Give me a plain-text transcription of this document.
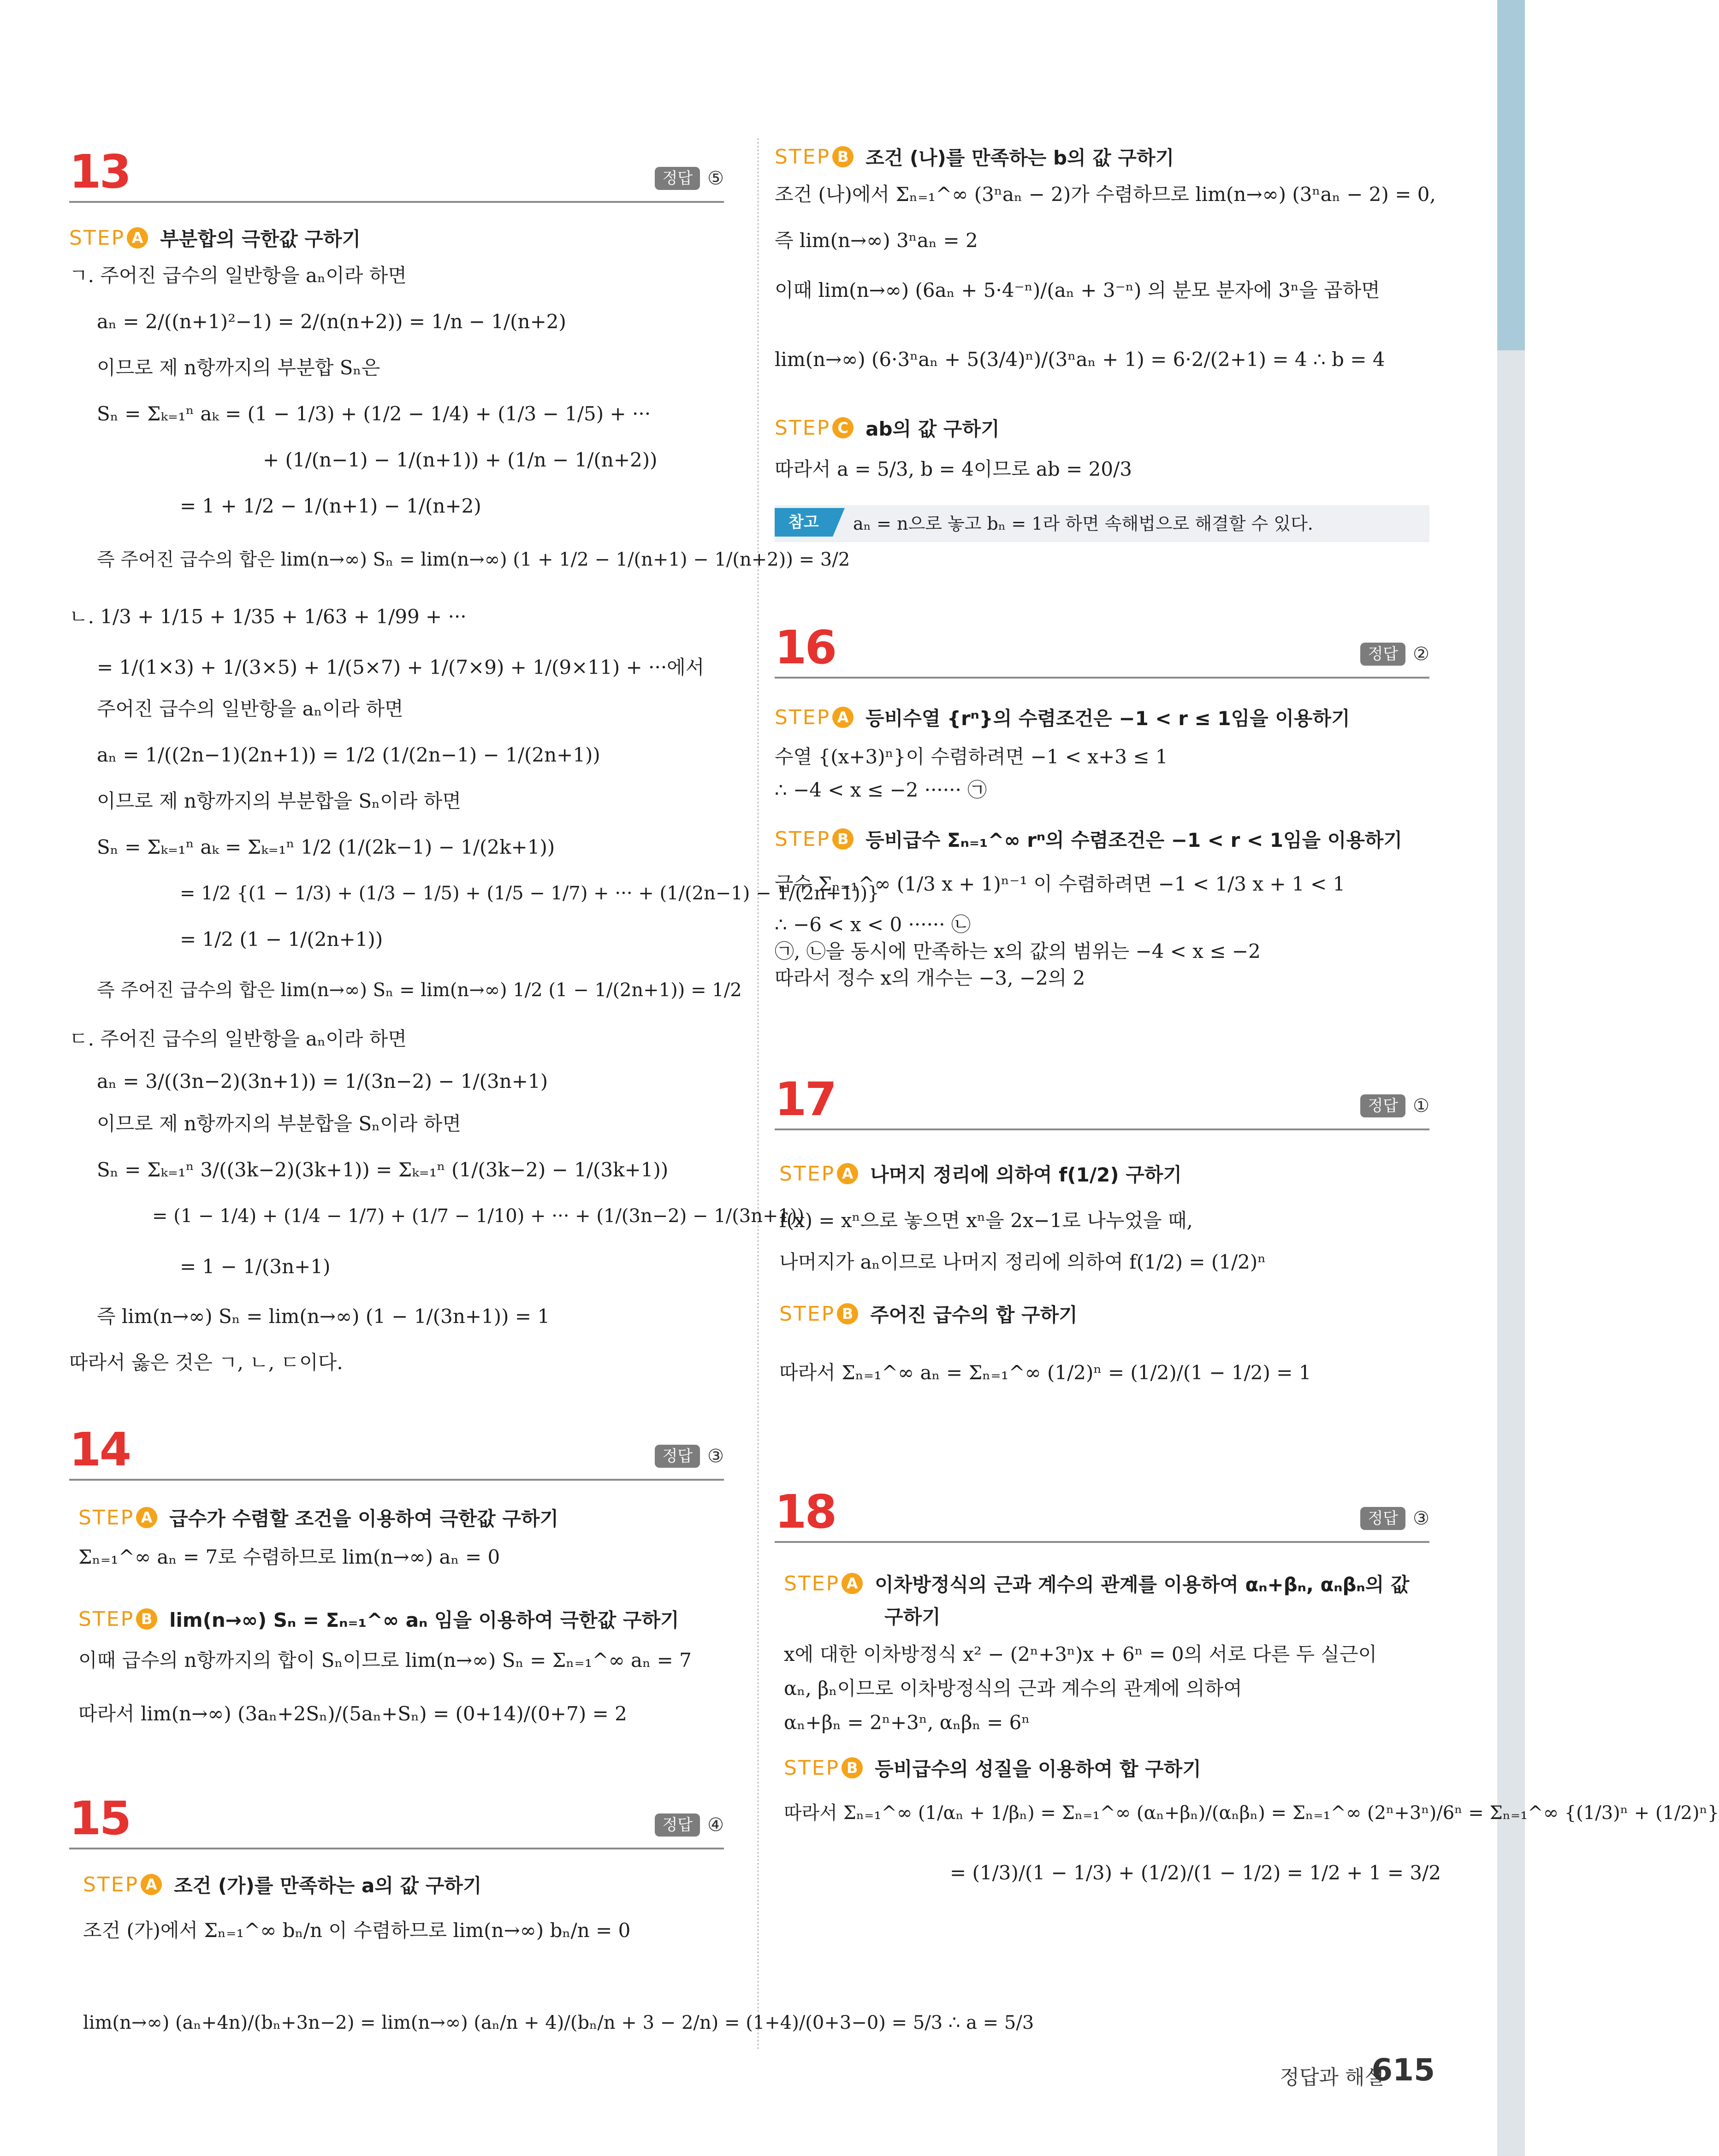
13	정답 ⑤
STEP A 부분합의 극한값 구하기
ㄱ. 주어진 급수의 일반항을 aₙ이라 하면
aₙ = 2/((n+1)²−1) = 2/(n(n+2)) = 1/n − 1/(n+2)
이므로 제 n항까지의 부분합 Sₙ은
Sₙ = Σₖ₌₁ⁿ aₖ = (1 − 1/3) + (1/2 − 1/4) + (1/3 − 1/5) + ···
+ (1/(n−1) − 1/(n+1)) + (1/n − 1/(n+2))
= 1 + 1/2 − 1/(n+1) − 1/(n+2)
즉 주어진 급수의 합은 lim(n→∞) Sₙ = lim(n→∞) (1 + 1/2 − 1/(n+1) − 1/(n+2)) = 3/2
ㄴ. 1/3 + 1/15 + 1/35 + 1/63 + 1/99 + ···
= 1/(1×3) + 1/(3×5) + 1/(5×7) + 1/(7×9) + 1/(9×11) + ···에서
주어진 급수의 일반항을 aₙ이라 하면
aₙ = 1/((2n−1)(2n+1)) = 1/2 (1/(2n−1) − 1/(2n+1))
이므로 제 n항까지의 부분합을 Sₙ이라 하면
Sₙ = Σₖ₌₁ⁿ aₖ = Σₖ₌₁ⁿ 1/2 (1/(2k−1) − 1/(2k+1))
= 1/2 {(1 − 1/3) + (1/3 − 1/5) + (1/5 − 1/7) + ··· + (1/(2n−1) − 1/(2n+1))}
= 1/2 (1 − 1/(2n+1))
즉 주어진 급수의 합은 lim(n→∞) Sₙ = lim(n→∞) 1/2 (1 − 1/(2n+1)) = 1/2
ㄷ. 주어진 급수의 일반항을 aₙ이라 하면
aₙ = 3/((3n−2)(3n+1)) = 1/(3n−2) − 1/(3n+1)
이므로 제 n항까지의 부분합을 Sₙ이라 하면
Sₙ = Σₖ₌₁ⁿ 3/((3k−2)(3k+1)) = Σₖ₌₁ⁿ (1/(3k−2) − 1/(3k+1))
= (1 − 1/4) + (1/4 − 1/7) + (1/7 − 1/10) + ··· + (1/(3n−2) − 1/(3n+1))
= 1 − 1/(3n+1)
즉 lim(n→∞) Sₙ = lim(n→∞) (1 − 1/(3n+1)) = 1
따라서 옳은 것은 ㄱ, ㄴ, ㄷ이다.
14	정답 ③
STEP A 급수가 수렴할 조건을 이용하여 극한값 구하기
Σₙ₌₁^∞ aₙ = 7로 수렴하므로 lim(n→∞) aₙ = 0
STEP B lim(n→∞) Sₙ = Σₙ₌₁^∞ aₙ 임을 이용하여 극한값 구하기
이때 급수의 n항까지의 합이 Sₙ이므로 lim(n→∞) Sₙ = Σₙ₌₁^∞ aₙ = 7
따라서 lim(n→∞) (3aₙ+2Sₙ)/(5aₙ+Sₙ) = (0+14)/(0+7) = 2
15	정답 ④
STEP A 조건 (가)를 만족하는 a의 값 구하기
조건 (가)에서 Σₙ₌₁^∞ bₙ/n 이 수렴하므로 lim(n→∞) bₙ/n = 0
lim(n→∞) (aₙ+4n)/(bₙ+3n−2) = lim(n→∞) (aₙ/n + 4)/(bₙ/n + 3 − 2/n) = (1+4)/(0+3−0) = 5/3 ∴ a = 5/3
STEP B 조건 (나)를 만족하는 b의 값 구하기
조건 (나)에서 Σₙ₌₁^∞ (3ⁿaₙ − 2)가 수렴하므로 lim(n→∞) (3ⁿaₙ − 2) = 0,
즉 lim(n→∞) 3ⁿaₙ = 2
이때 lim(n→∞) (6aₙ + 5·4⁻ⁿ)/(aₙ + 3⁻ⁿ) 의 분모 분자에 3ⁿ을 곱하면
lim(n→∞) (6·3ⁿaₙ + 5(3/4)ⁿ)/(3ⁿaₙ + 1) = 6·2/(2+1) = 4 ∴ b = 4
STEP C ab의 값 구하기
따라서 a = 5/3, b = 4이므로 ab = 20/3
참고	aₙ = n으로 놓고 bₙ = 1라 하면 속해법으로 해결할 수 있다.
16	정답 ②
STEP A 등비수열 {rⁿ}의 수렴조건은 −1 < r ≤ 1임을 이용하기
수열 {(x+3)ⁿ}이 수렴하려면 −1 < x+3 ≤ 1
∴ −4 < x ≤ −2 ······ ㉠
STEP B 등비급수 Σₙ₌₁^∞ rⁿ의 수렴조건은 −1 < r < 1임을 이용하기
급수 Σₙ₌₁^∞ (1/3 x + 1)ⁿ⁻¹ 이 수렴하려면 −1 < 1/3 x + 1 < 1
∴ −6 < x < 0 ······ ㉡
㉠, ㉡을 동시에 만족하는 x의 값의 범위는 −4 < x ≤ −2
따라서 정수 x의 개수는 −3, −2의 2
17	정답 ①
STEP A 나머지 정리에 의하여 f(1/2) 구하기
f(x) = xⁿ으로 놓으면 xⁿ을 2x−1로 나누었을 때,
나머지가 aₙ이므로 나머지 정리에 의하여 f(1/2) = (1/2)ⁿ
STEP B 주어진 급수의 합 구하기
따라서 Σₙ₌₁^∞ aₙ = Σₙ₌₁^∞ (1/2)ⁿ = (1/2)/(1 − 1/2) = 1
18	정답 ③
STEP A 이차방정식의 근과 계수의 관계를 이용하여 αₙ+βₙ, αₙβₙ의 값
구하기
x에 대한 이차방정식 x² − (2ⁿ+3ⁿ)x + 6ⁿ = 0의 서로 다른 두 실근이
αₙ, βₙ이므로 이차방정식의 근과 계수의 관계에 의하여
αₙ+βₙ = 2ⁿ+3ⁿ, αₙβₙ = 6ⁿ
STEP B 등비급수의 성질을 이용하여 합 구하기
따라서 Σₙ₌₁^∞ (1/αₙ + 1/βₙ) = Σₙ₌₁^∞ (αₙ+βₙ)/(αₙβₙ) = Σₙ₌₁^∞ (2ⁿ+3ⁿ)/6ⁿ = Σₙ₌₁^∞ {(1/3)ⁿ + (1/2)ⁿ}
= (1/3)/(1 − 1/3) + (1/2)/(1 − 1/2) = 1/2 + 1 = 3/2
정답과 해설
615
